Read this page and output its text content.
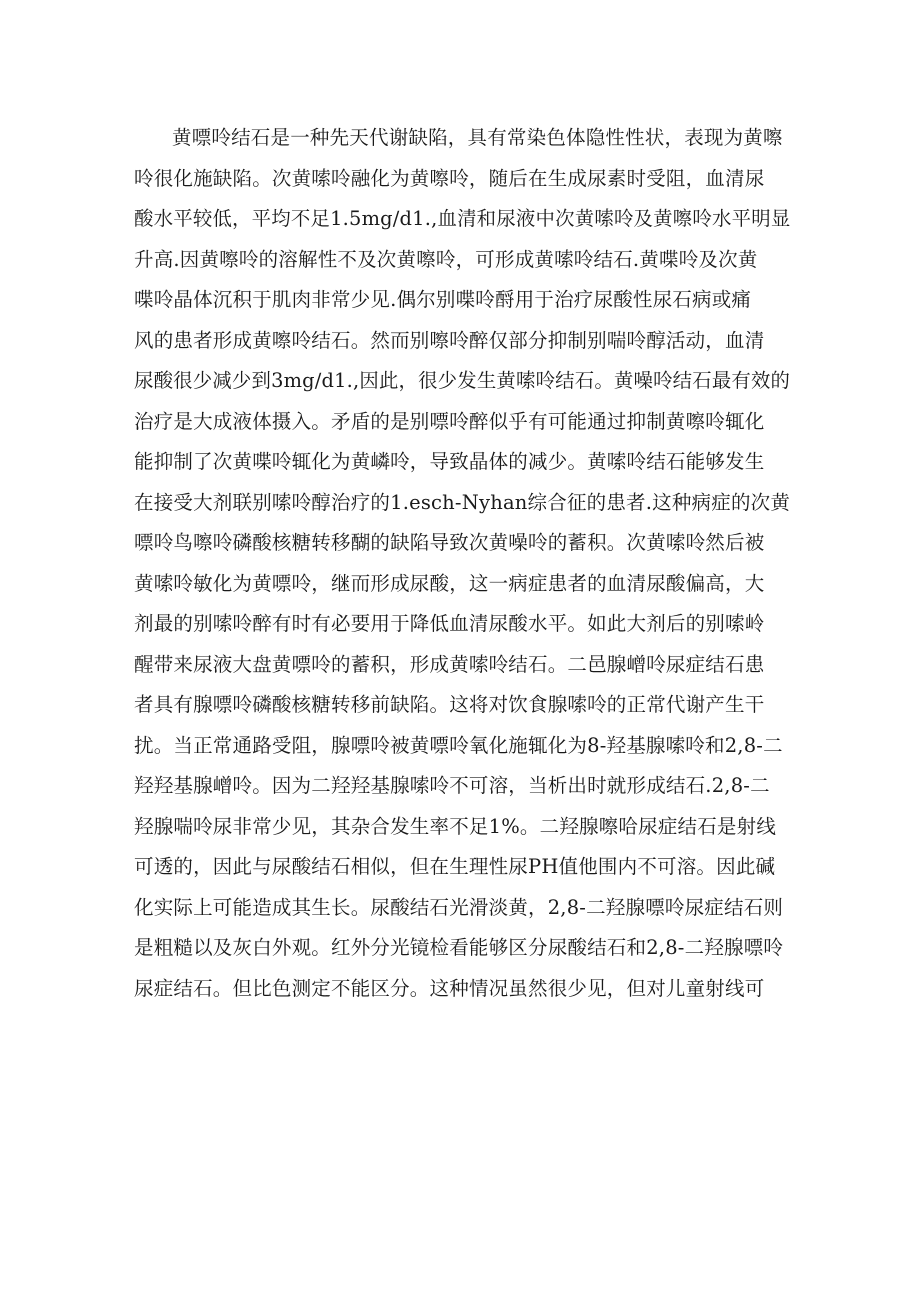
黄嘌呤结石是一种先天代谢缺陷，具有常染色体隐性性状，表现为黄嚓
呤很化施缺陷。次黄嗦呤融化为黄嚓呤，随后在生成尿素时受阻，血清尿
酸水平较低，平均不足1.5mg∕d1.,血清和尿液中次黄嗦呤及黄嚓呤水平明显
升高.因黄嚓呤的溶解性不及次黄嚓呤，可形成黄嗦呤结石.黄喋呤及次黄
喋呤晶体沉积于肌肉非常少见.偶尔别喋呤酹用于治疗尿酸性尿石病或痛
风的患者形成黄嚓呤结石。然而别嚓呤醉仅部分抑制别喘呤醇活动，血清
尿酸很少减少到3mg∕d1.,因此，很少发生黄嗦呤结石。黄噪呤结石最有效的
治疗是大成液体摄入。矛盾的是别嘌呤醉似乎有可能通过抑制黄嚓呤辄化
能抑制了次黄喋呤辄化为黄嶙呤，导致晶体的减少。黄嗦呤结石能够发生
在接受大剂联别嗦呤醇治疗的1.esch-Nyhan综合征的患者.这种病症的次黄
嘌呤鸟嚓呤磷酸核糖转移醐的缺陷导致次黄噪呤的蓄积。次黄嗦呤然后被
黄嗦呤敏化为黄嘌呤，继而形成尿酸，这一病症患者的血清尿酸偏高，大
剂最的别嗦呤醉有时有必要用于降低血清尿酸水平。如此大剂后的别嗦岭
醒带来尿液大盘黄嘌呤的蓄积，形成黄嗦呤结石。二邑腺嶒呤尿症结石患
者具有腺嘌呤磷酸核糖转移前缺陷。这将对饮食腺嗦呤的正常代谢产生干
扰。当正常通路受阻，腺嘌呤被黄嘌呤氧化施辄化为8-羟基腺嗦呤和2,8-二
羟羟基腺嶒呤。因为二羟羟基腺嗦呤不可溶，当析出时就形成结石.2,8-二
羟腺喘呤尿非常少见，其杂合发生率不足1%。二羟腺嚓哈尿症结石是射线
可透的，因此与尿酸结石相似，但在生理性尿PH值他围内不可溶。因此碱
化实际上可能造成其生长。尿酸结石光滑淡黄，2,8-二羟腺嘌呤尿症结石则
是粗糙以及灰白外观。红外分光镜检看能够区分尿酸结石和2,8-二羟腺嘌呤
尿症结石。但比色测定不能区分。这种情况虽然很少见，但对儿童射线可
